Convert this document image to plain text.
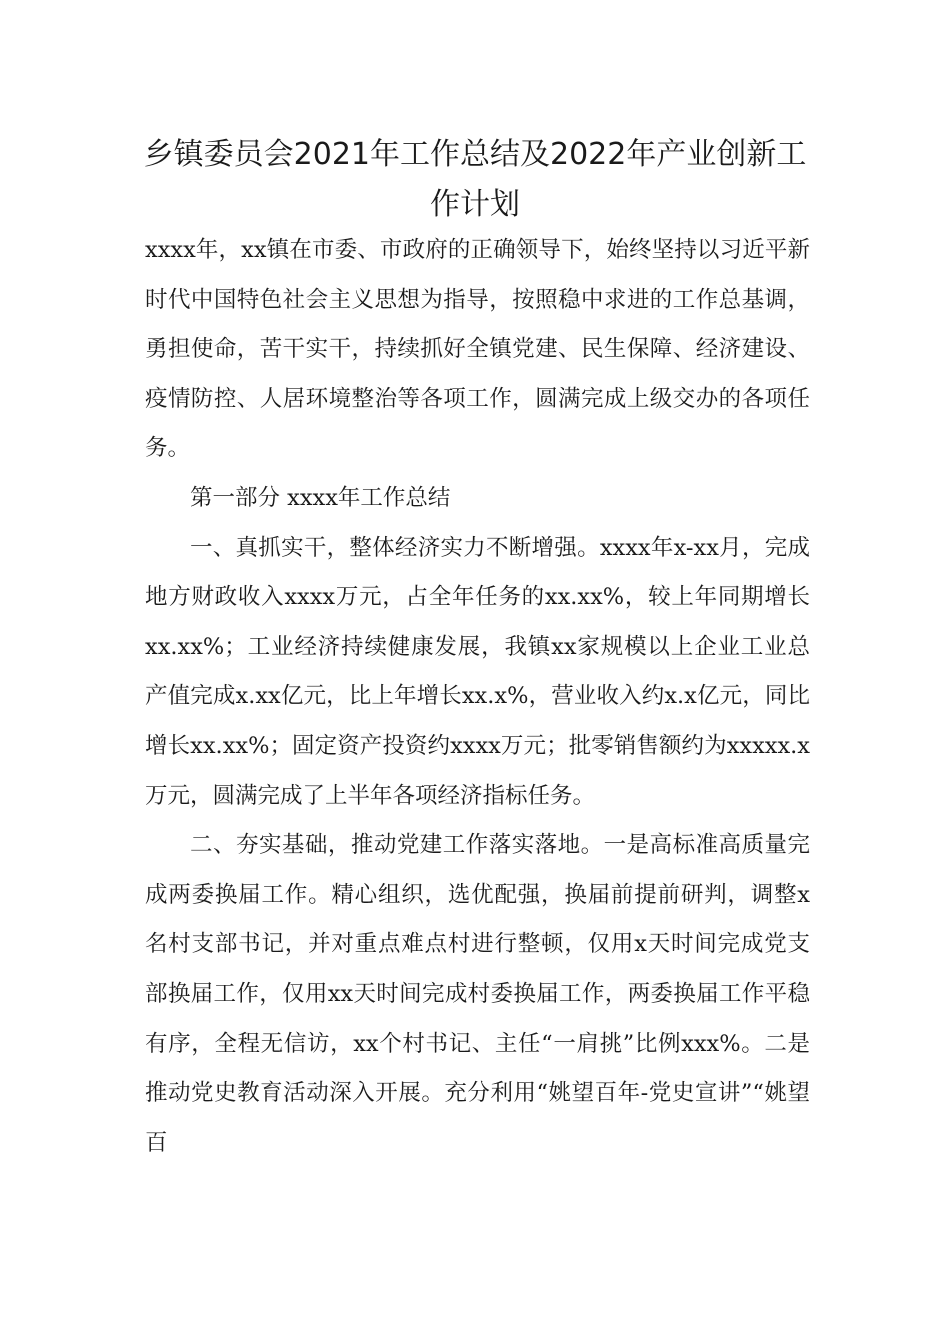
乡镇委员会2021年工作总结及2022年产业创新工作计划

xxxx年，xx镇在市委、市政府的正确领导下，始终坚持以习近平新时代中国特色社会主义思想为指导，按照稳中求进的工作总基调，勇担使命，苦干实干，持续抓好全镇党建、民生保障、经济建设、疫情防控、人居环境整治等各项工作，圆满完成上级交办的各项任务。

第一部分 xxxx年工作总结

一、真抓实干，整体经济实力不断增强。xxxx年x-xx月，完成地方财政收入xxxx万元，占全年任务的xx.xx%，较上年同期增长xx.xx%；工业经济持续健康发展，我镇xx家规模以上企业工业总产值完成x.xx亿元，比上年增长xx.x%，营业收入约x.x亿元，同比增长xx.xx%；固定资产投资约xxxx万元；批零销售额约为xxxxx.x万元，圆满完成了上半年各项经济指标任务。

二、夯实基础，推动党建工作落实落地。一是高标准高质量完成两委换届工作。精心组织，选优配强，换届前提前研判，调整x名村支部书记，并对重点难点村进行整顿，仅用x天时间完成党支部换届工作，仅用xx天时间完成村委换届工作，两委换届工作平稳有序，全程无信访，xx个村书记、主任“一肩挑”比例xxx%。二是推动党史教育活动深入开展。充分利用“姚望百年-党史宣讲”“姚望百
